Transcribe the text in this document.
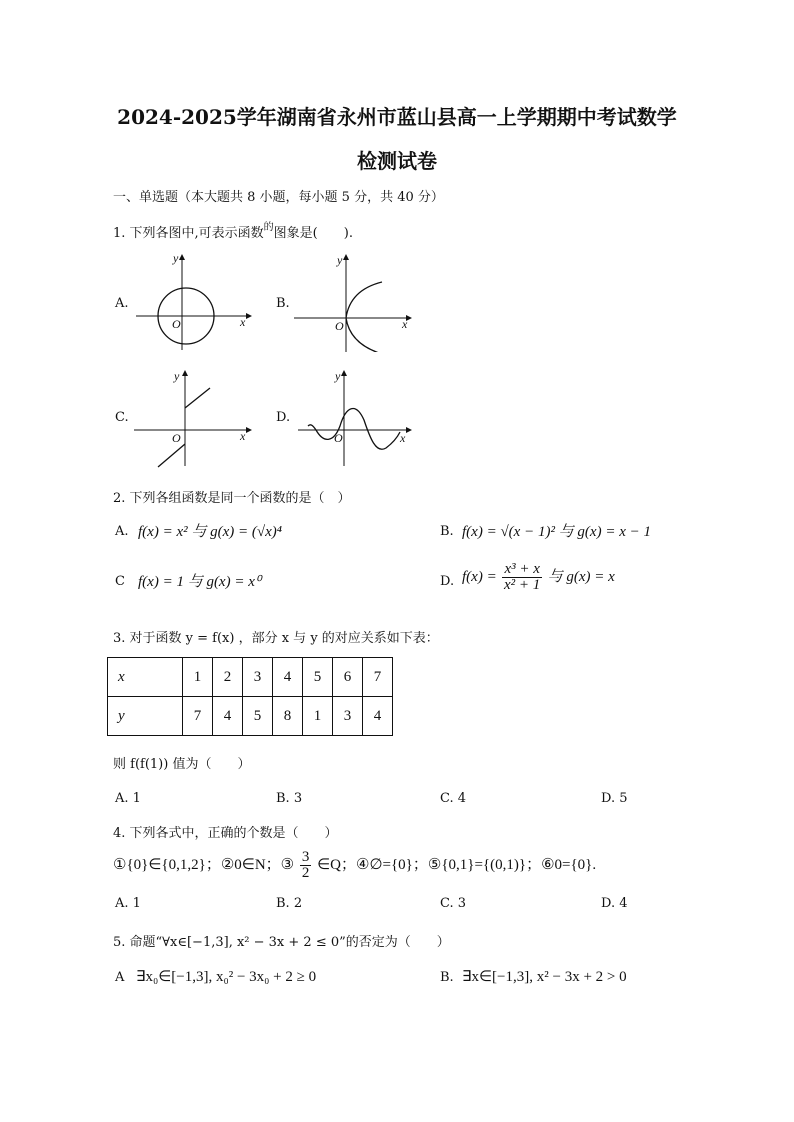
2024-2025学年湖南省永州市蓝山县高一上学期期中考试数学
检测试卷
一、单选题（本大题共 8 小题，每小题 5 分，共 40 分）
1. 下列各图中,可表示函数$^的$图象是(　　).
A.	B.
C.	D.
y
x
O
y
x
O
y
x
O
y
x
O
2. 下列各组函数是同一个函数的是（　）
A. f(x) = x² 与 g(x) = (√x)⁴	B. f(x) = √(x − 1)² 与 g(x) = x − 1
C f(x) = 1 与 g(x) = x⁰	D. $f(x) = \frac{\text{x³ + x}}{\text{x² + 1}}$ 与 g(x) = x
3. 对于函数 y = f(x) ，部分 x 与 y 的对应关系如下表：
x	1	2	3	4	5	6	7
y	7	4	5	8	1	3	4
则 f(f(1)) 值为（　　）
A. 1	B. 3	C. 4	D. 5
4. 下列各式中，正确的个数是（　　）
①{0}∈{0,1,2}；②0∈N；③ $\frac{3}{2}$ ∈Q；④∅={0}；⑤{0,1}={(0,1)}；⑥0={0}.
A. 1	B. 2	C. 3	D. 4
5. 命题“∀x∈[−1,3], x² − 3x + 2 ≤ 0”的否定为（　　）
A ∃x₀∈[−1,3], x₀² − 3x₀ + 2 ≥ 0	B. ∃x∈[−1,3], x² − 3x + 2 > 0
